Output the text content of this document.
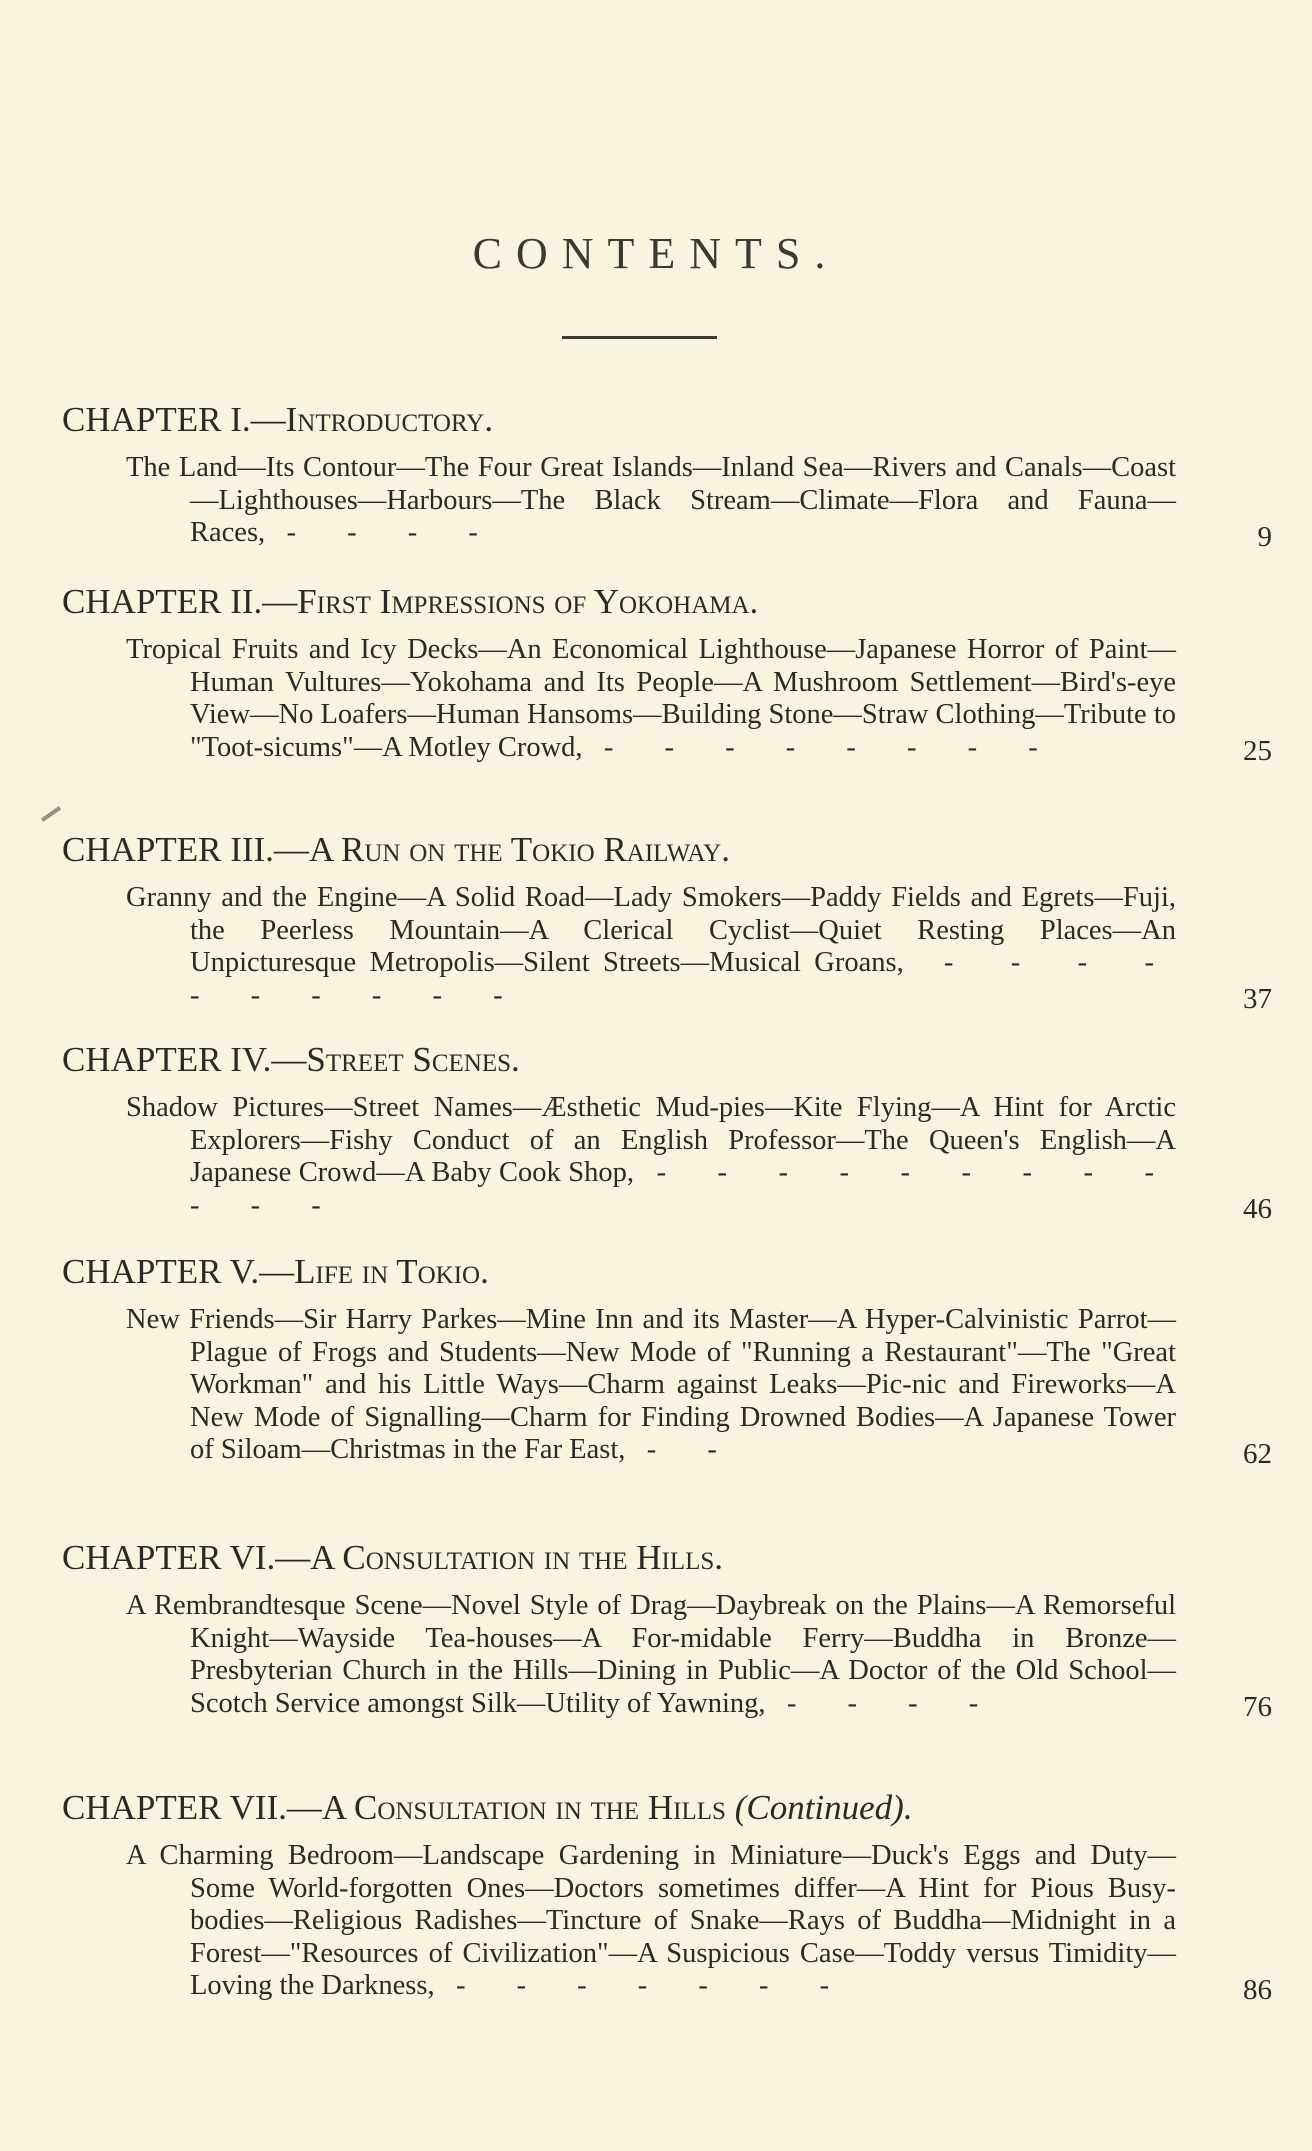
CONTENTS.
CHAPTER I.—Introductory.
The Land—Its Contour—The Four Great Islands—Inland Sea—Rivers and Canals—Coast—Lighthouses—Harbours—The Black Stream—Climate—Flora and Fauna—Races, - - - -	9
CHAPTER II.—First Impressions of Yokohama.
Tropical Fruits and Icy Decks—An Economical Lighthouse—Japanese Horror of Paint—Human Vultures—Yokohama and Its People—A Mushroom Settlement—Bird's-eye View—No Loafers—Human Hansoms—Building Stone—Straw Clothing—Tribute to "Toot-sicums"—A Motley Crowd, - - - - - - - -	25
CHAPTER III.—A Run on the Tokio Railway.
Granny and the Engine—A Solid Road—Lady Smokers—Paddy Fields and Egrets—Fuji, the Peerless Mountain—A Clerical Cyclist—Quiet Resting Places—An Unpicturesque Metropolis—Silent Streets—Musical Groans, - - - - - - - - - -	37
CHAPTER IV.—Street Scenes.
Shadow Pictures—Street Names—Æsthetic Mud-pies—Kite Flying—A Hint for Arctic Explorers—Fishy Conduct of an English Professor—The Queen's English—A Japanese Crowd—A Baby Cook Shop, - - - - - - - - - - - -	46
CHAPTER V.—Life in Tokio.
New Friends—Sir Harry Parkes—Mine Inn and its Master—A Hyper-Calvinistic Parrot—Plague of Frogs and Students—New Mode of "Running a Restaurant"—The "Great Workman" and his Little Ways—Charm against Leaks—Pic-nic and Fireworks—A New Mode of Signalling—Charm for Finding Drowned Bodies—A Japanese Tower of Siloam—Christmas in the Far East, - -	62
CHAPTER VI.—A Consultation in the Hills.
A Rembrandtesque Scene—Novel Style of Drag—Daybreak on the Plains—A Remorseful Knight—Wayside Tea-houses—A For-midable Ferry—Buddha in Bronze—Presbyterian Church in the Hills—Dining in Public—A Doctor of the Old School—Scotch Service amongst Silk—Utility of Yawning, - - - -	76
CHAPTER VII.—A Consultation in the Hills (Continued).
A Charming Bedroom—Landscape Gardening in Miniature—Duck's Eggs and Duty—Some World-forgotten Ones—Doctors sometimes differ—A Hint for Pious Busy-bodies—Religious Radishes—Tincture of Snake—Rays of Buddha—Midnight in a Forest—"Resources of Civilization"—A Suspicious Case—Toddy versus Timidity—Loving the Darkness, - - - - - - -	86
